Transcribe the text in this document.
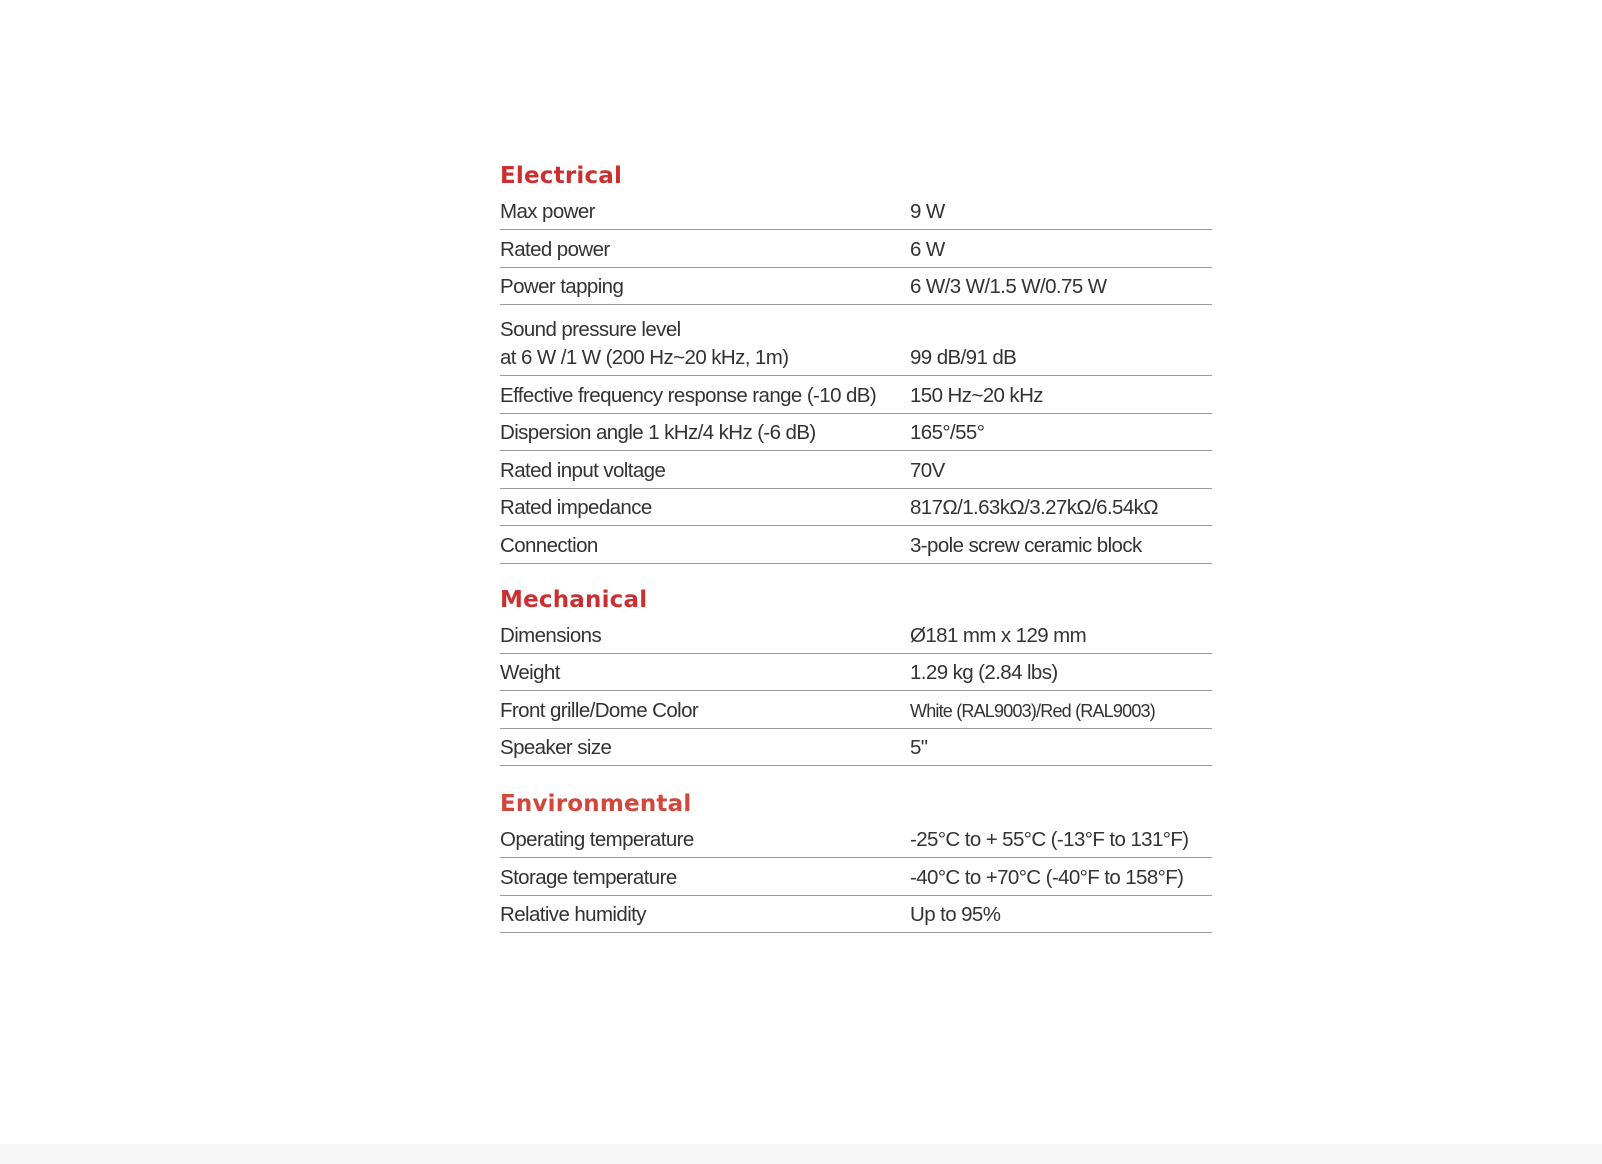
Electrical
Max power	9 W
Rated power	6 W
Power tapping	6 W/3 W/1.5 W/0.75 W

Sound pressure level
at 6 W /1 W (200 Hz~20 kHz, 1m)	99 dB/91 dB
Effective frequency response range (-10 dB)	150 Hz~20 kHz
Dispersion angle 1 kHz/4 kHz (-6 dB)	165°/55°
Rated input voltage	70V
Rated impedance	817Ω/1.63kΩ/3.27kΩ/6.54kΩ
Connection	3-pole screw ceramic block
Mechanical
Dimensions	Ø181 mm x 129 mm
Weight	1.29 kg (2.84 lbs)
Front grille/Dome Color	White (RAL9003)/Red (RAL9003)
Speaker size	5"
Environmental
Operating temperature	-25°C to + 55°C (-13°F to 131°F)
Storage temperature	-40°C to +70°C (-40°F to 158°F)
Relative humidity	Up to 95%
